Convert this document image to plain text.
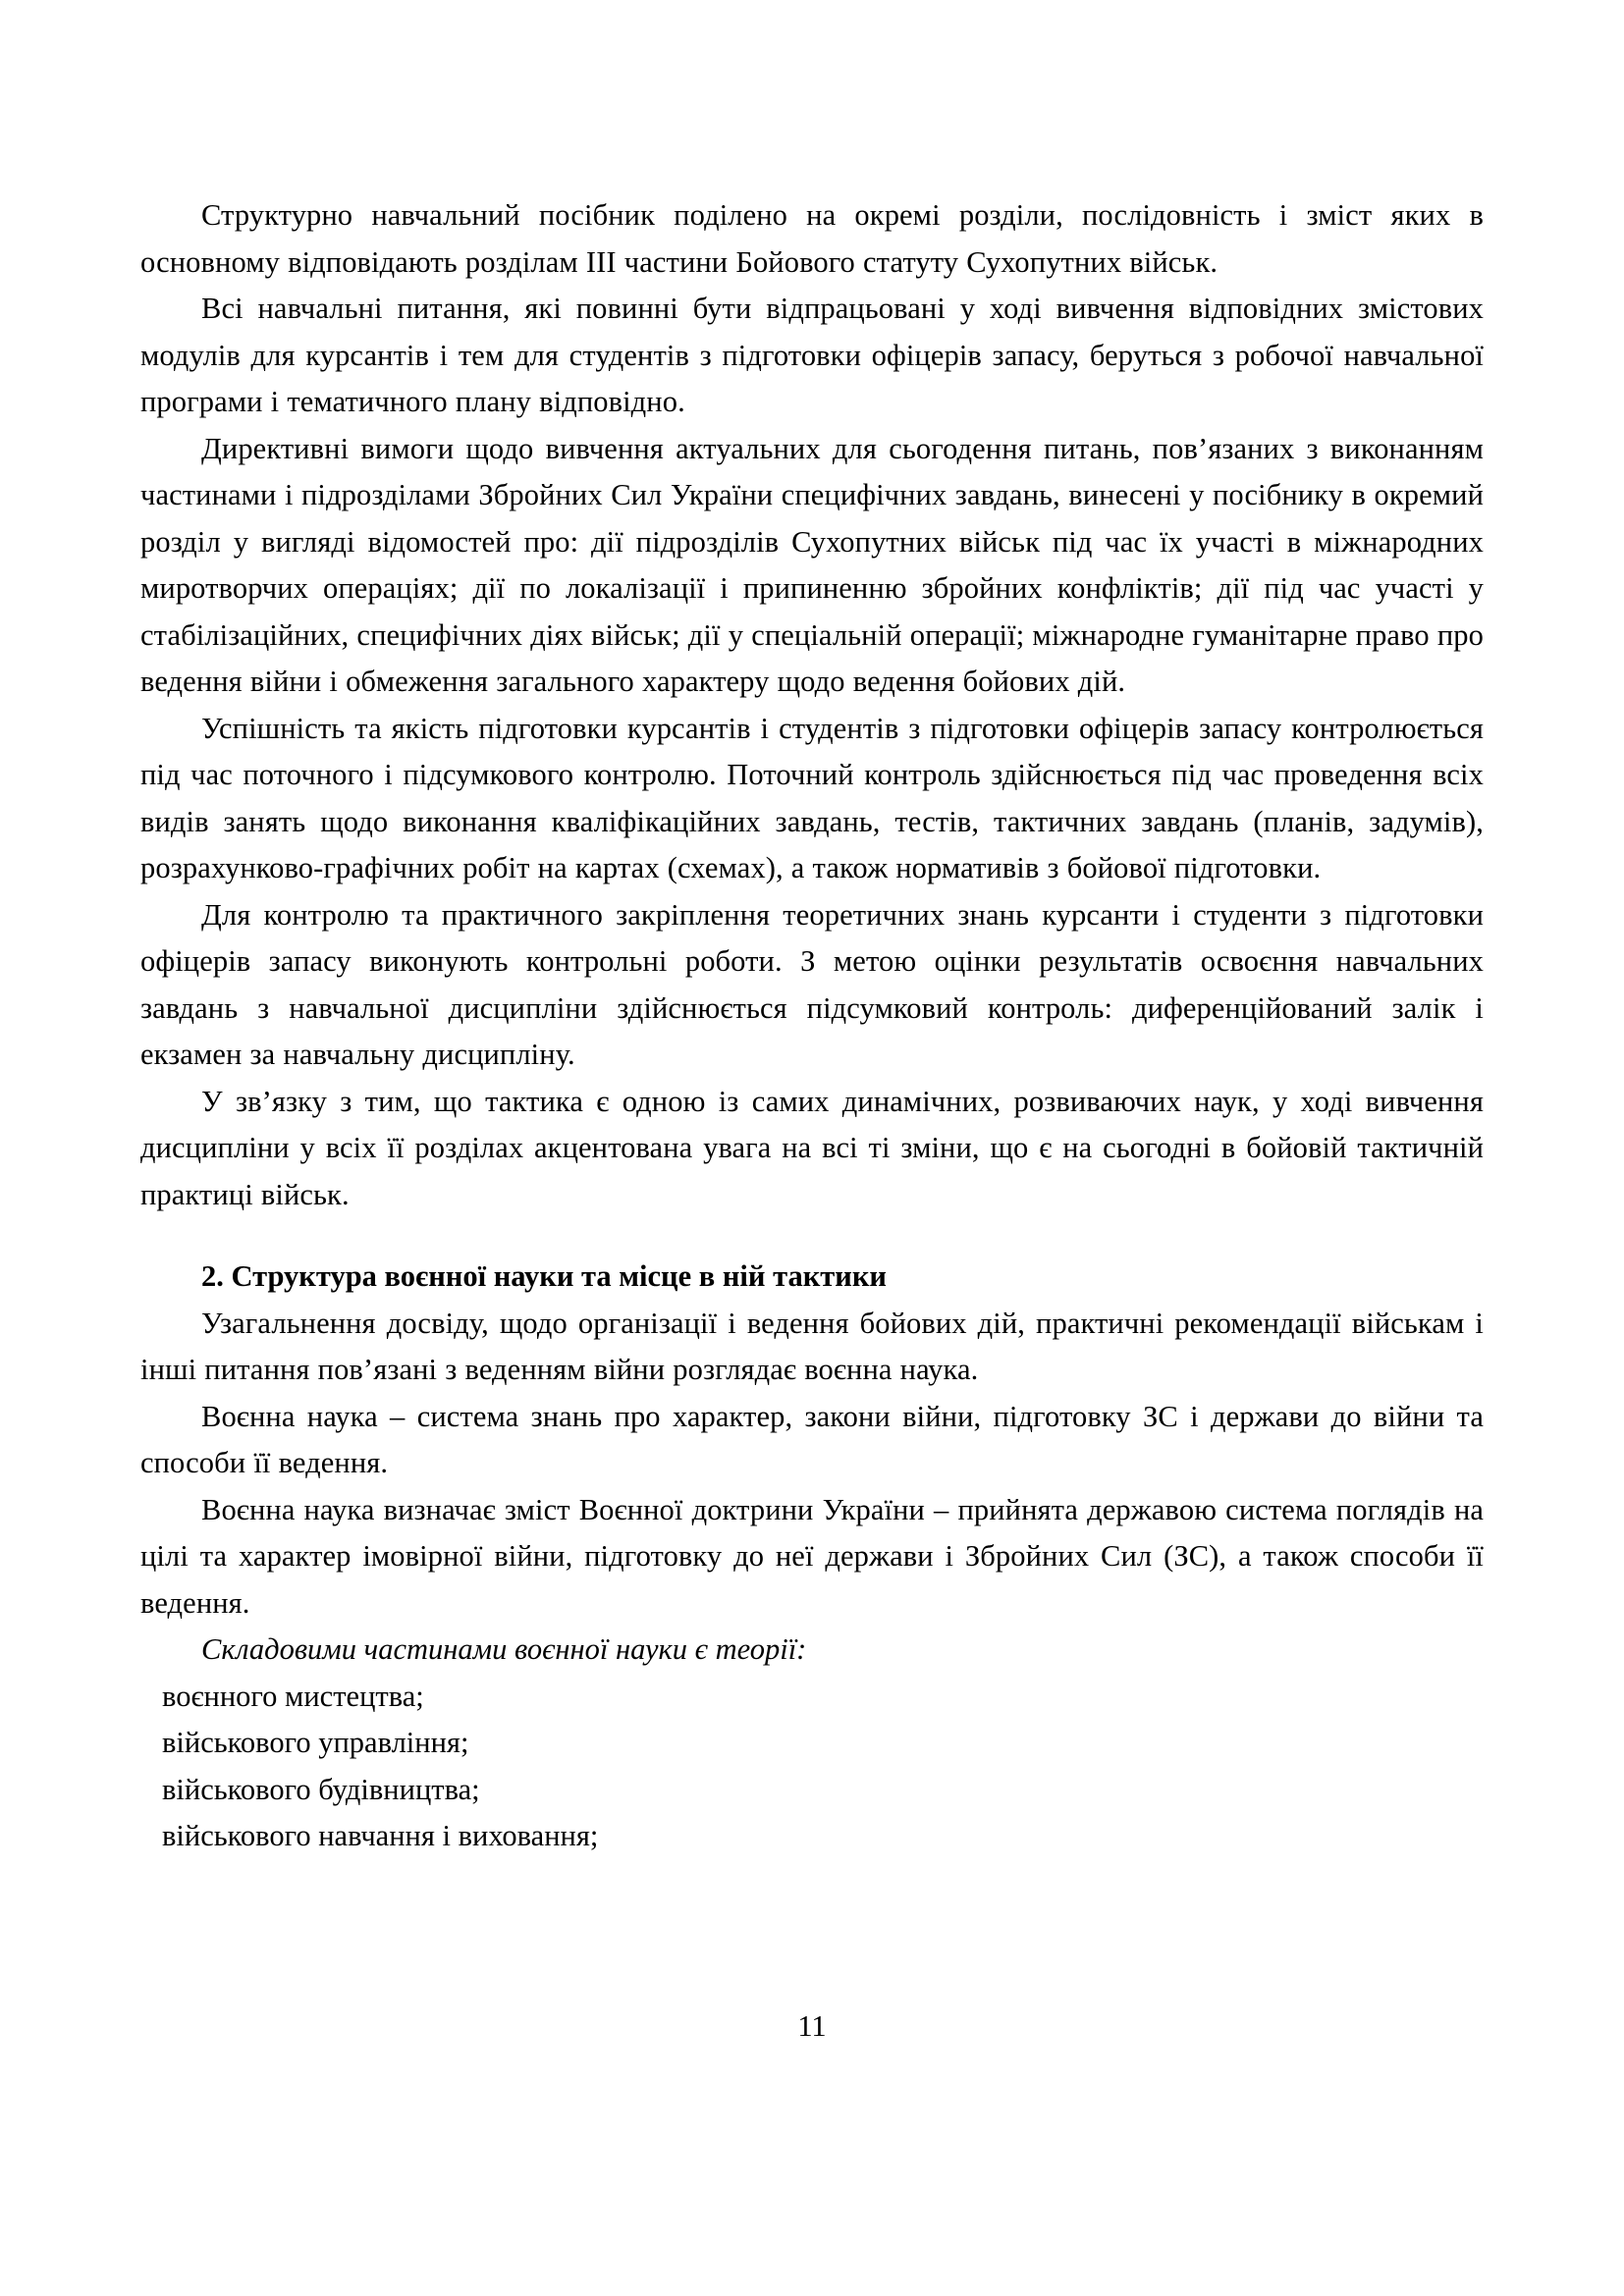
Структурно навчальний посібник поділено на окремі розділи, послідовність і зміст яких в основному відповідають розділам III частини Бойового статуту Сухопутних військ.

Всі навчальні питання, які повинні бути відпрацьовані у ході вивчення відповідних змістових модулів для курсантів і тем для студентів з підготовки офіцерів запасу, беруться з робочої навчальної програми і тематичного плану відповідно.

Директивні вимоги щодо вивчення актуальних для сьогодення питань, пов’язаних з виконанням частинами і підрозділами Збройних Сил України специфічних завдань, винесені у посібнику в окремий розділ у вигляді відомостей про: дії підрозділів Сухопутних військ під час їх участі в міжнародних миротворчих операціях; дії по локалізації і припиненню збройних конфліктів; дії під час участі у стабілізаційних, специфічних діях військ; дії у спеціальній операції; міжнародне гуманітарне право про ведення війни і обмеження загального характеру щодо ведення бойових дій.

Успішність та якість підготовки курсантів і студентів з підготовки офіцерів запасу контролюється під час поточного і підсумкового контролю. Поточний контроль здійснюється під час проведення всіх видів занять щодо виконання кваліфікаційних завдань, тестів, тактичних завдань (планів, задумів), розрахунково-графічних робіт на картах (схемах), а також нормативів з бойової підготовки.

Для контролю та практичного закріплення теоретичних знань курсанти і студенти з підготовки офіцерів запасу виконують контрольні роботи. З метою оцінки результатів освоєння навчальних завдань з навчальної дисципліни здійснюється підсумковий контроль: диференційований залік і екзамен за навчальну дисципліну.

У зв’язку з тим, що тактика є одною із самих динамічних, розвиваючих наук, у ході вивчення дисципліни у всіх її розділах акцентована увага на всі ті зміни, що є на сьогодні в бойовій тактичній практиці військ.

2. Структура воєнної науки та місце в ній тактики

Узагальнення досвіду, щодо організації і ведення бойових дій, практичні рекомендації військам і інші питання пов’язані з веденням війни розглядає воєнна наука.

Воєнна наука – система знань про характер, закони війни, підготовку ЗС і держави до війни та способи її ведення.

Воєнна наука визначає зміст Воєнної доктрини України – прийнята державою система поглядів на цілі та характер імовірної війни, підготовку до неї держави і Збройних Сил (ЗС), а також способи її ведення.

Складовими частинами воєнної науки є теорії:

воєнного мистецтва;
військового управління;
військового будівництва;
військового навчання і виховання;
11
